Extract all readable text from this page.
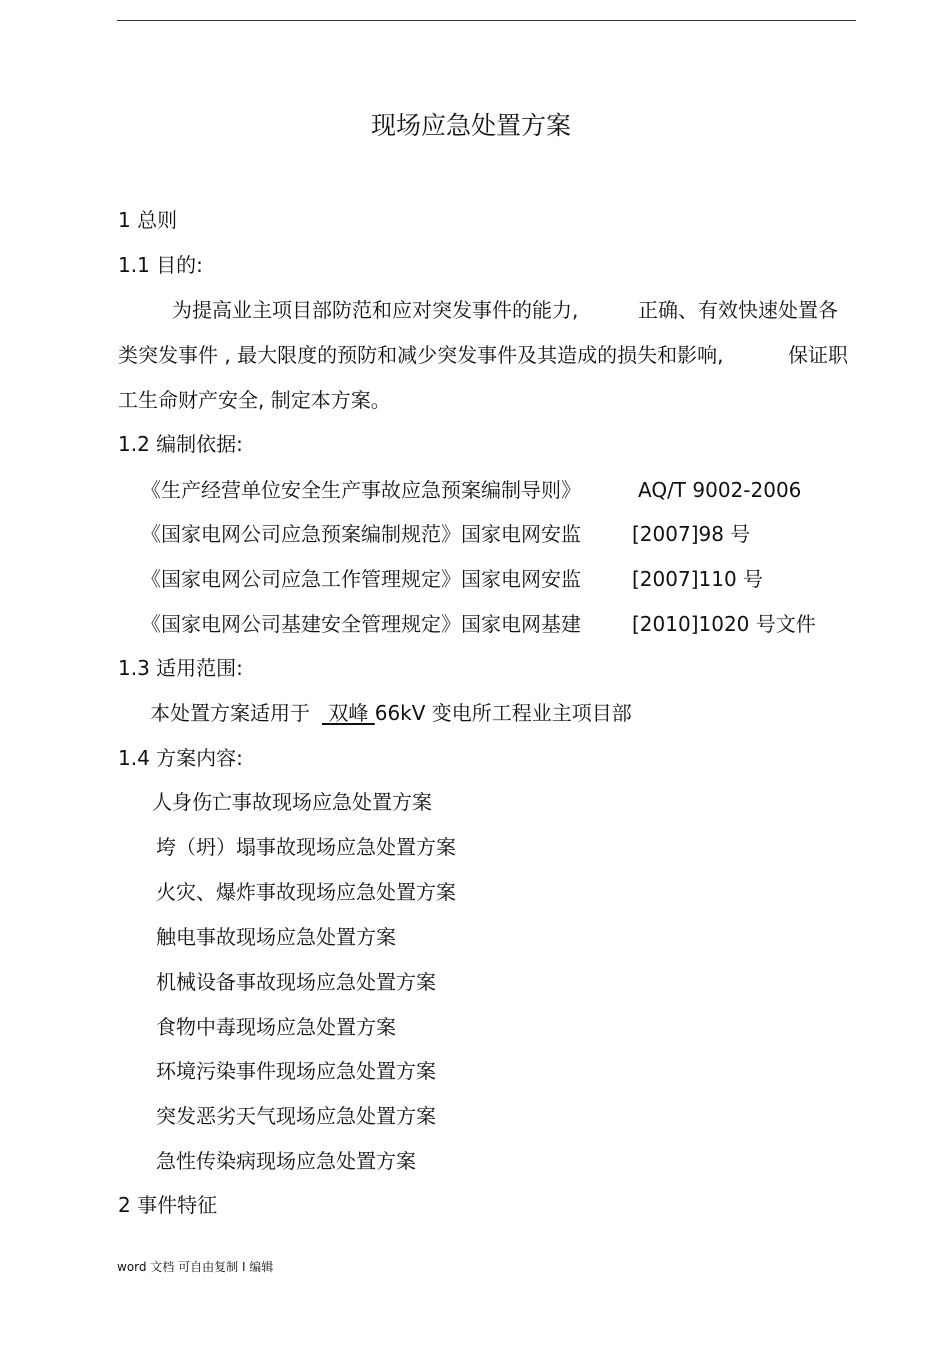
现场应急处置方案
1 总则
1.1 目的:
为提高业主项目部防范和应对突发事件的能力,	正确、有效快速处置各
类突发事件 , 最大限度的预防和减少突发事件及其造成的损失和影响,	保证职
工生命财产安全, 制定本方案。
1.2 编制依据:
《生产经营单位安全生产事故应急预案编制导则》	AQ/T 9002-2006
《国家电网公司应急预案编制规范》国家电网安监	[2007]98 号
《国家电网公司应急工作管理规定》国家电网安监	[2007]110 号
《国家电网公司基建安全管理规定》国家电网基建	[2010]1020 号文件
1.3 适用范围:
本处置方案适用于 双峰 66kV 变电所工程业主项目部
1.4 方案内容:
人身伤亡事故现场应急处置方案
垮（坍）塌事故现场应急处置方案
火灾、爆炸事故现场应急处置方案
触电事故现场应急处置方案
机械设备事故现场应急处置方案
食物中毒现场应急处置方案
环境污染事件现场应急处置方案
突发恶劣天气现场应急处置方案
急性传染病现场应急处置方案
2 事件特征
word 文档 可自由复制 I 编辑
